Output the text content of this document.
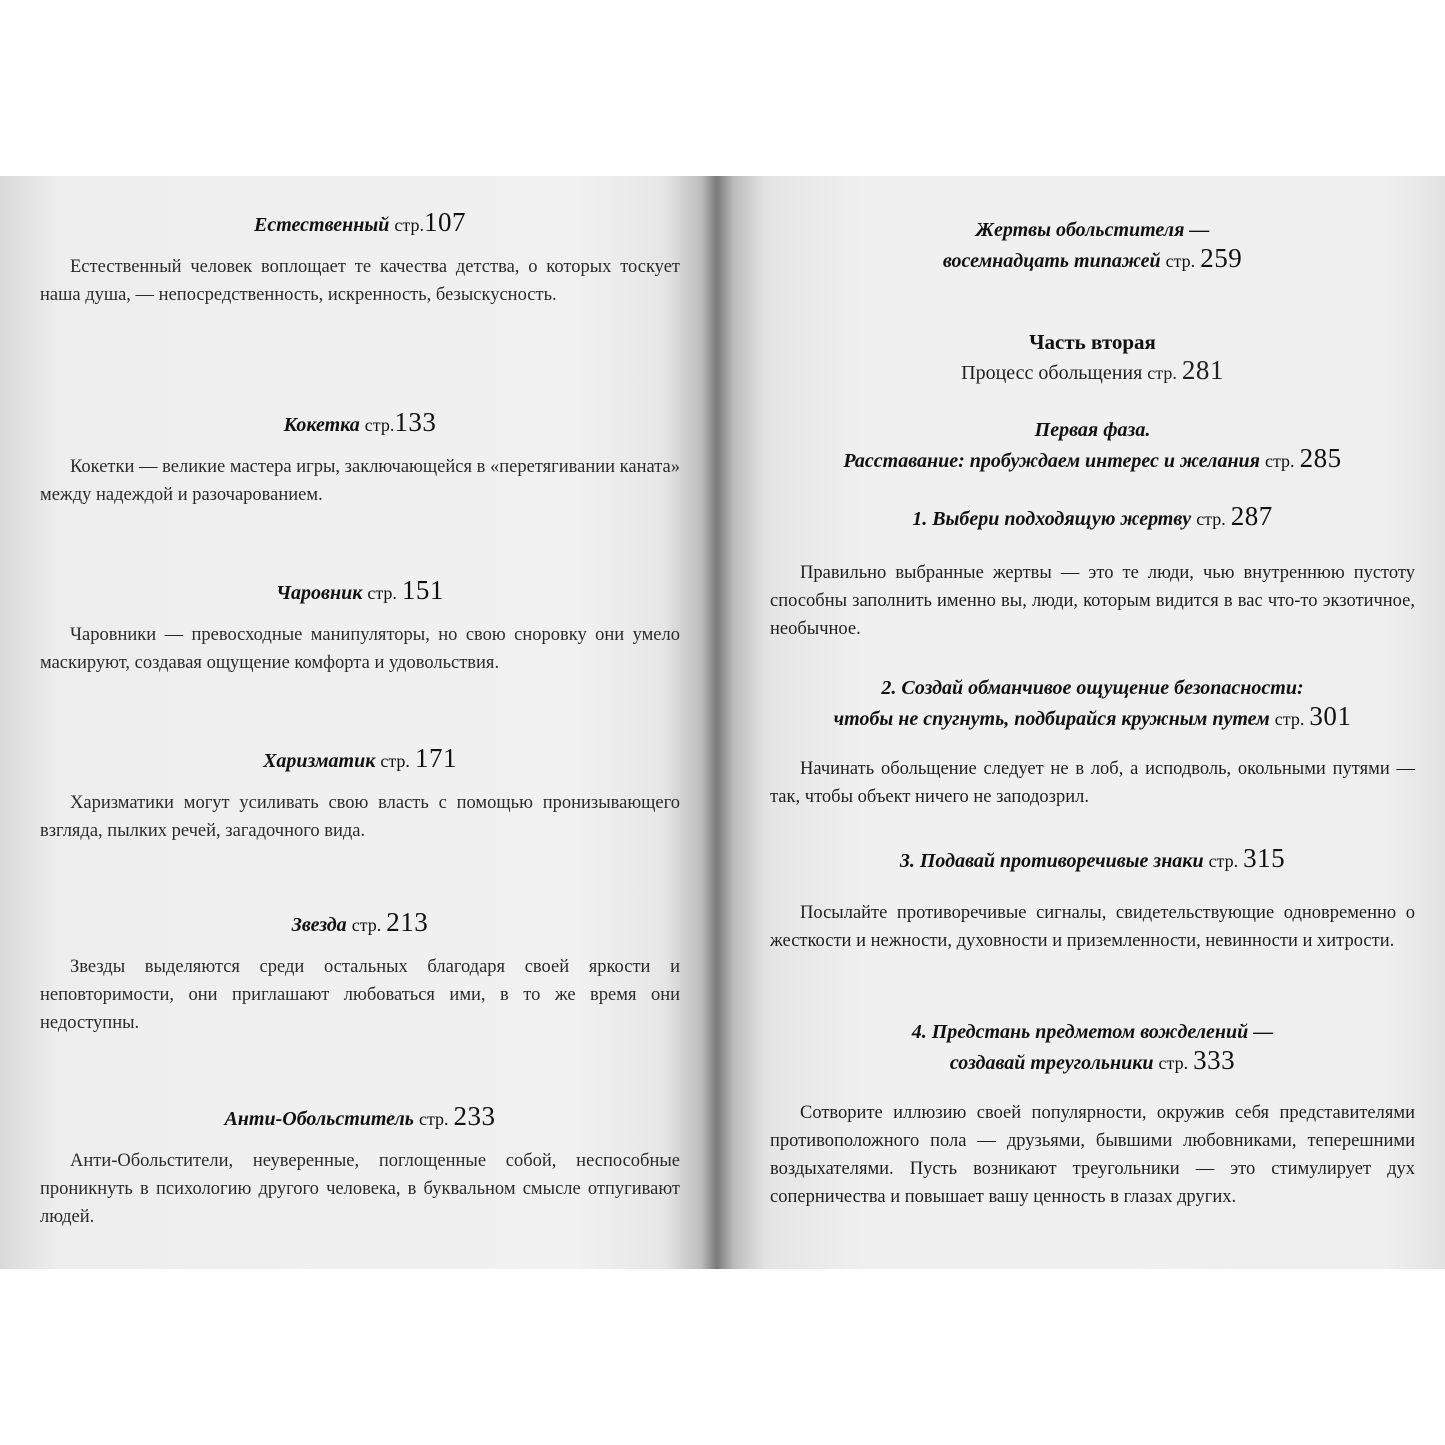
Естественный стр.107
Естественный человек воплощает те качества детства, о которых тоскует наша душа, — непосредственность, искренность, безыскусность.
Кокетка стр.133
Кокетки — великие мастера игры, заключающейся в «перетягивании каната» между надеждой и разочарованием.
Чаровник стр. 151
Чаровники — превосходные манипуляторы, но свою сноровку они умело маскируют, создавая ощущение комфорта и удовольствия.
Харизматик стр. 171
Харизматики могут усиливать свою власть с помощью пронизывающего взгляда, пылких речей, загадочного вида.
Звезда стр. 213
Звезды выделяются среди остальных благодаря своей яркости и неповторимости, они приглашают любоваться ими, в то же время они недоступны.
Анти-Обольститель стр. 233
Анти-Обольстители, неуверенные, поглощенные собой, неспособные проникнуть в психологию другого человека, в буквальном смысле отпугивают людей.
Жертвы обольстителя —
восемнадцать типажей стр. 259
Часть вторая
Процесс обольщения стр. 281
Первая фаза.
Расставание: пробуждаем интерес и желания стр. 285
1. Выбери подходящую жертву стр. 287
Правильно выбранные жертвы — это те люди, чью внутреннюю пустоту способны заполнить именно вы, люди, которым видится в вас что-то экзотичное, необычное.
2. Создай обманчивое ощущение безопасности:
чтобы не спугнуть, подбирайся кружным путем стр. 301
Начинать обольщение следует не в лоб, а исподволь, окольными путями — так, чтобы объект ничего не заподозрил.
3. Подавай противоречивые знаки стр. 315
Посылайте противоречивые сигналы, свидетельствующие одновременно о жесткости и нежности, духовности и приземленности, невинности и хитрости.
4. Предстань предметом вожделений —
создавай треугольники стр. 333
Сотворите иллюзию своей популярности, окружив себя представителями противоположного пола — друзьями, бывшими любовниками, теперешними воздыхателями. Пусть возникают треугольники — это стимулирует дух соперничества и повышает вашу ценность в глазах других.
